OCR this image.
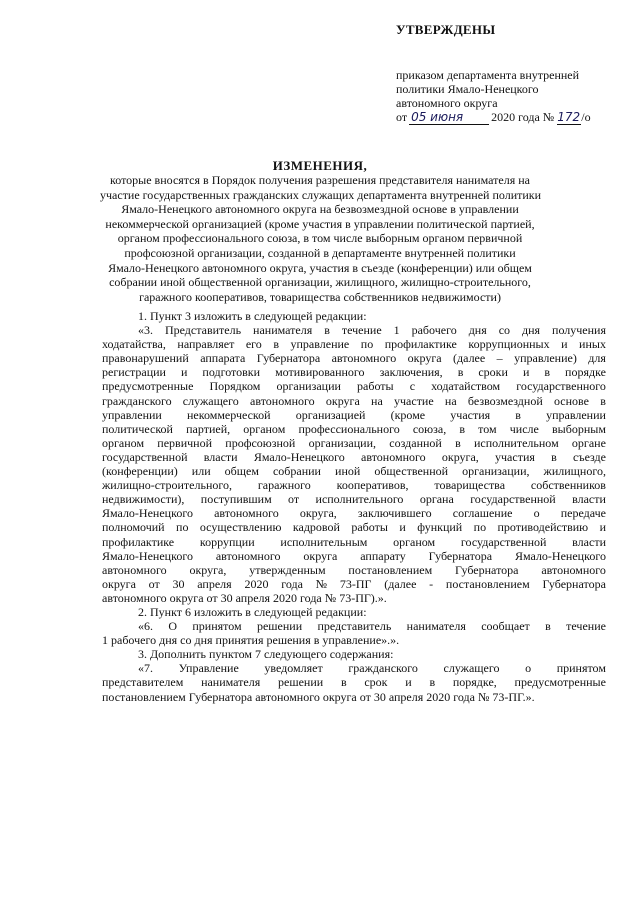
УТВЕРЖДЕНЫ
приказом департамента внутренней
политики Ямало-Ненецкого
автономного округа
от 05 июня	2020 года № 172 /о
ИЗМЕНЕНИЯ,
которые вносятся в Порядок получения разрешения представителя нанимателя на
участие государственных гражданских служащих департамента внутренней политики
Ямало-Ненецкого автономного округа на безвозмездной основе в управлении
некоммерческой организацией (кроме участия в управлении политической партией,
органом профессионального союза, в том числе выборным органом первичной
профсоюзной организации, созданной в департаменте внутренней политики
Ямало-Ненецкого автономного округа, участия в съезде (конференции) или общем
собрании иной общественной организации, жилищного, жилищно-строительного,
гаражного кооперативов, товарищества собственников недвижимости)
1. Пункт 3 изложить в следующей редакции:
«3. Представитель нанимателя в течение 1 рабочего дня со дня получения
ходатайства, направляет его в управление по профилактике коррупционных и иных
правонарушений аппарата Губернатора автономного округа (далее – управление) для
регистрации и подготовки мотивированного заключения, в сроки и в порядке
предусмотренные Порядком организации работы с ходатайством государственного
гражданского служащего автономного округа на участие на безвозмездной основе в
управлении некоммерческой организацией (кроме участия в управлении
политической партией, органом профессионального союза, в том числе выборным
органом первичной профсоюзной организации, созданной в исполнительном органе
государственной власти Ямало-Ненецкого автономного округа, участия в съезде
(конференции) или общем собрании иной общественной организации, жилищного,
жилищно-строительного, гаражного кооперативов, товарищества собственников
недвижимости), поступившим от исполнительного органа государственной власти
Ямало-Ненецкого автономного округа, заключившего соглашение о передаче
полномочий по осуществлению кадровой работы и функций по противодействию и
профилактике коррупции исполнительным органом государственной власти
Ямало-Ненецкого автономного округа аппарату Губернатора Ямало-Ненецкого
автономного округа, утвержденным постановлением Губернатора автономного
округа от 30 апреля 2020 года № 73-ПГ (далее - постановлением Губернатора
автономного округа от 30 апреля 2020 года № 73-ПГ).».
2. Пункт 6 изложить в следующей редакции:
«6. О принятом решении представитель нанимателя сообщает в течение
1 рабочего дня со дня принятия решения в управление».».
3. Дополнить пунктом 7 следующего содержания:
«7. Управление уведомляет гражданского служащего о принятом
представителем нанимателя решении в срок и в порядке, предусмотренные
постановлением Губернатора автономного округа от 30 апреля 2020 года № 73-ПГ.».
